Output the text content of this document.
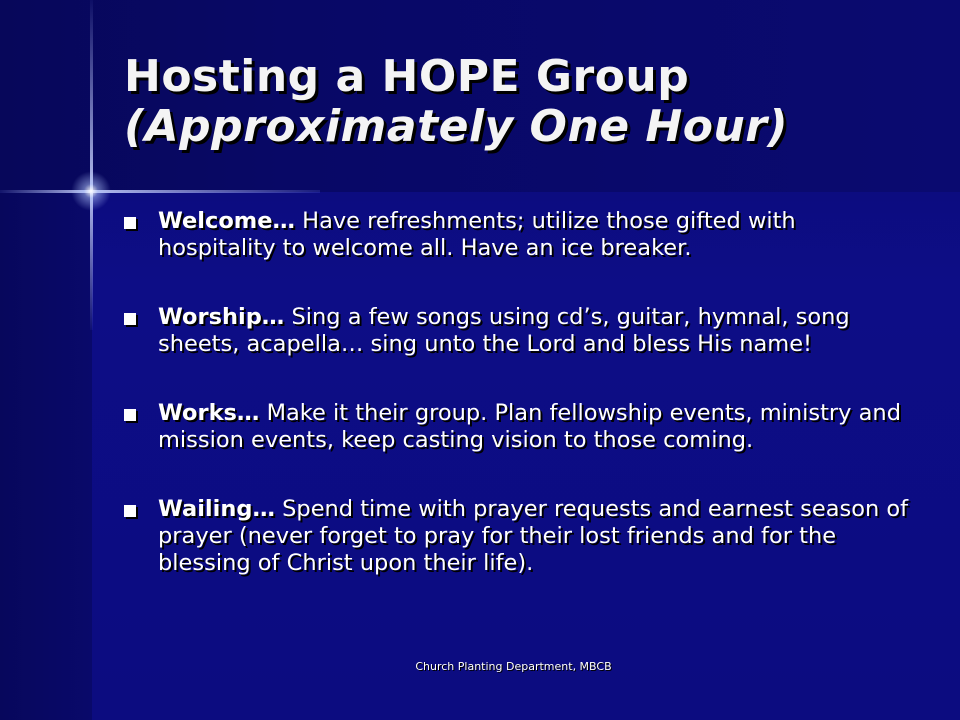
Hosting a HOPE Group
(Approximately One Hour)
Welcome… Have refreshments; utilize those gifted with hospitality to welcome all. Have an ice breaker.
Worship… Sing a few songs using cd’s, guitar, hymnal, song sheets, acapella… sing unto the Lord and bless His name!
Works… Make it their group. Plan fellowship events, ministry and mission events, keep casting vision to those coming.
Wailing… Spend time with prayer requests and earnest season of prayer (never forget to pray for their lost friends and for the blessing of Christ upon their life).
Church Planting Department, MBCB
